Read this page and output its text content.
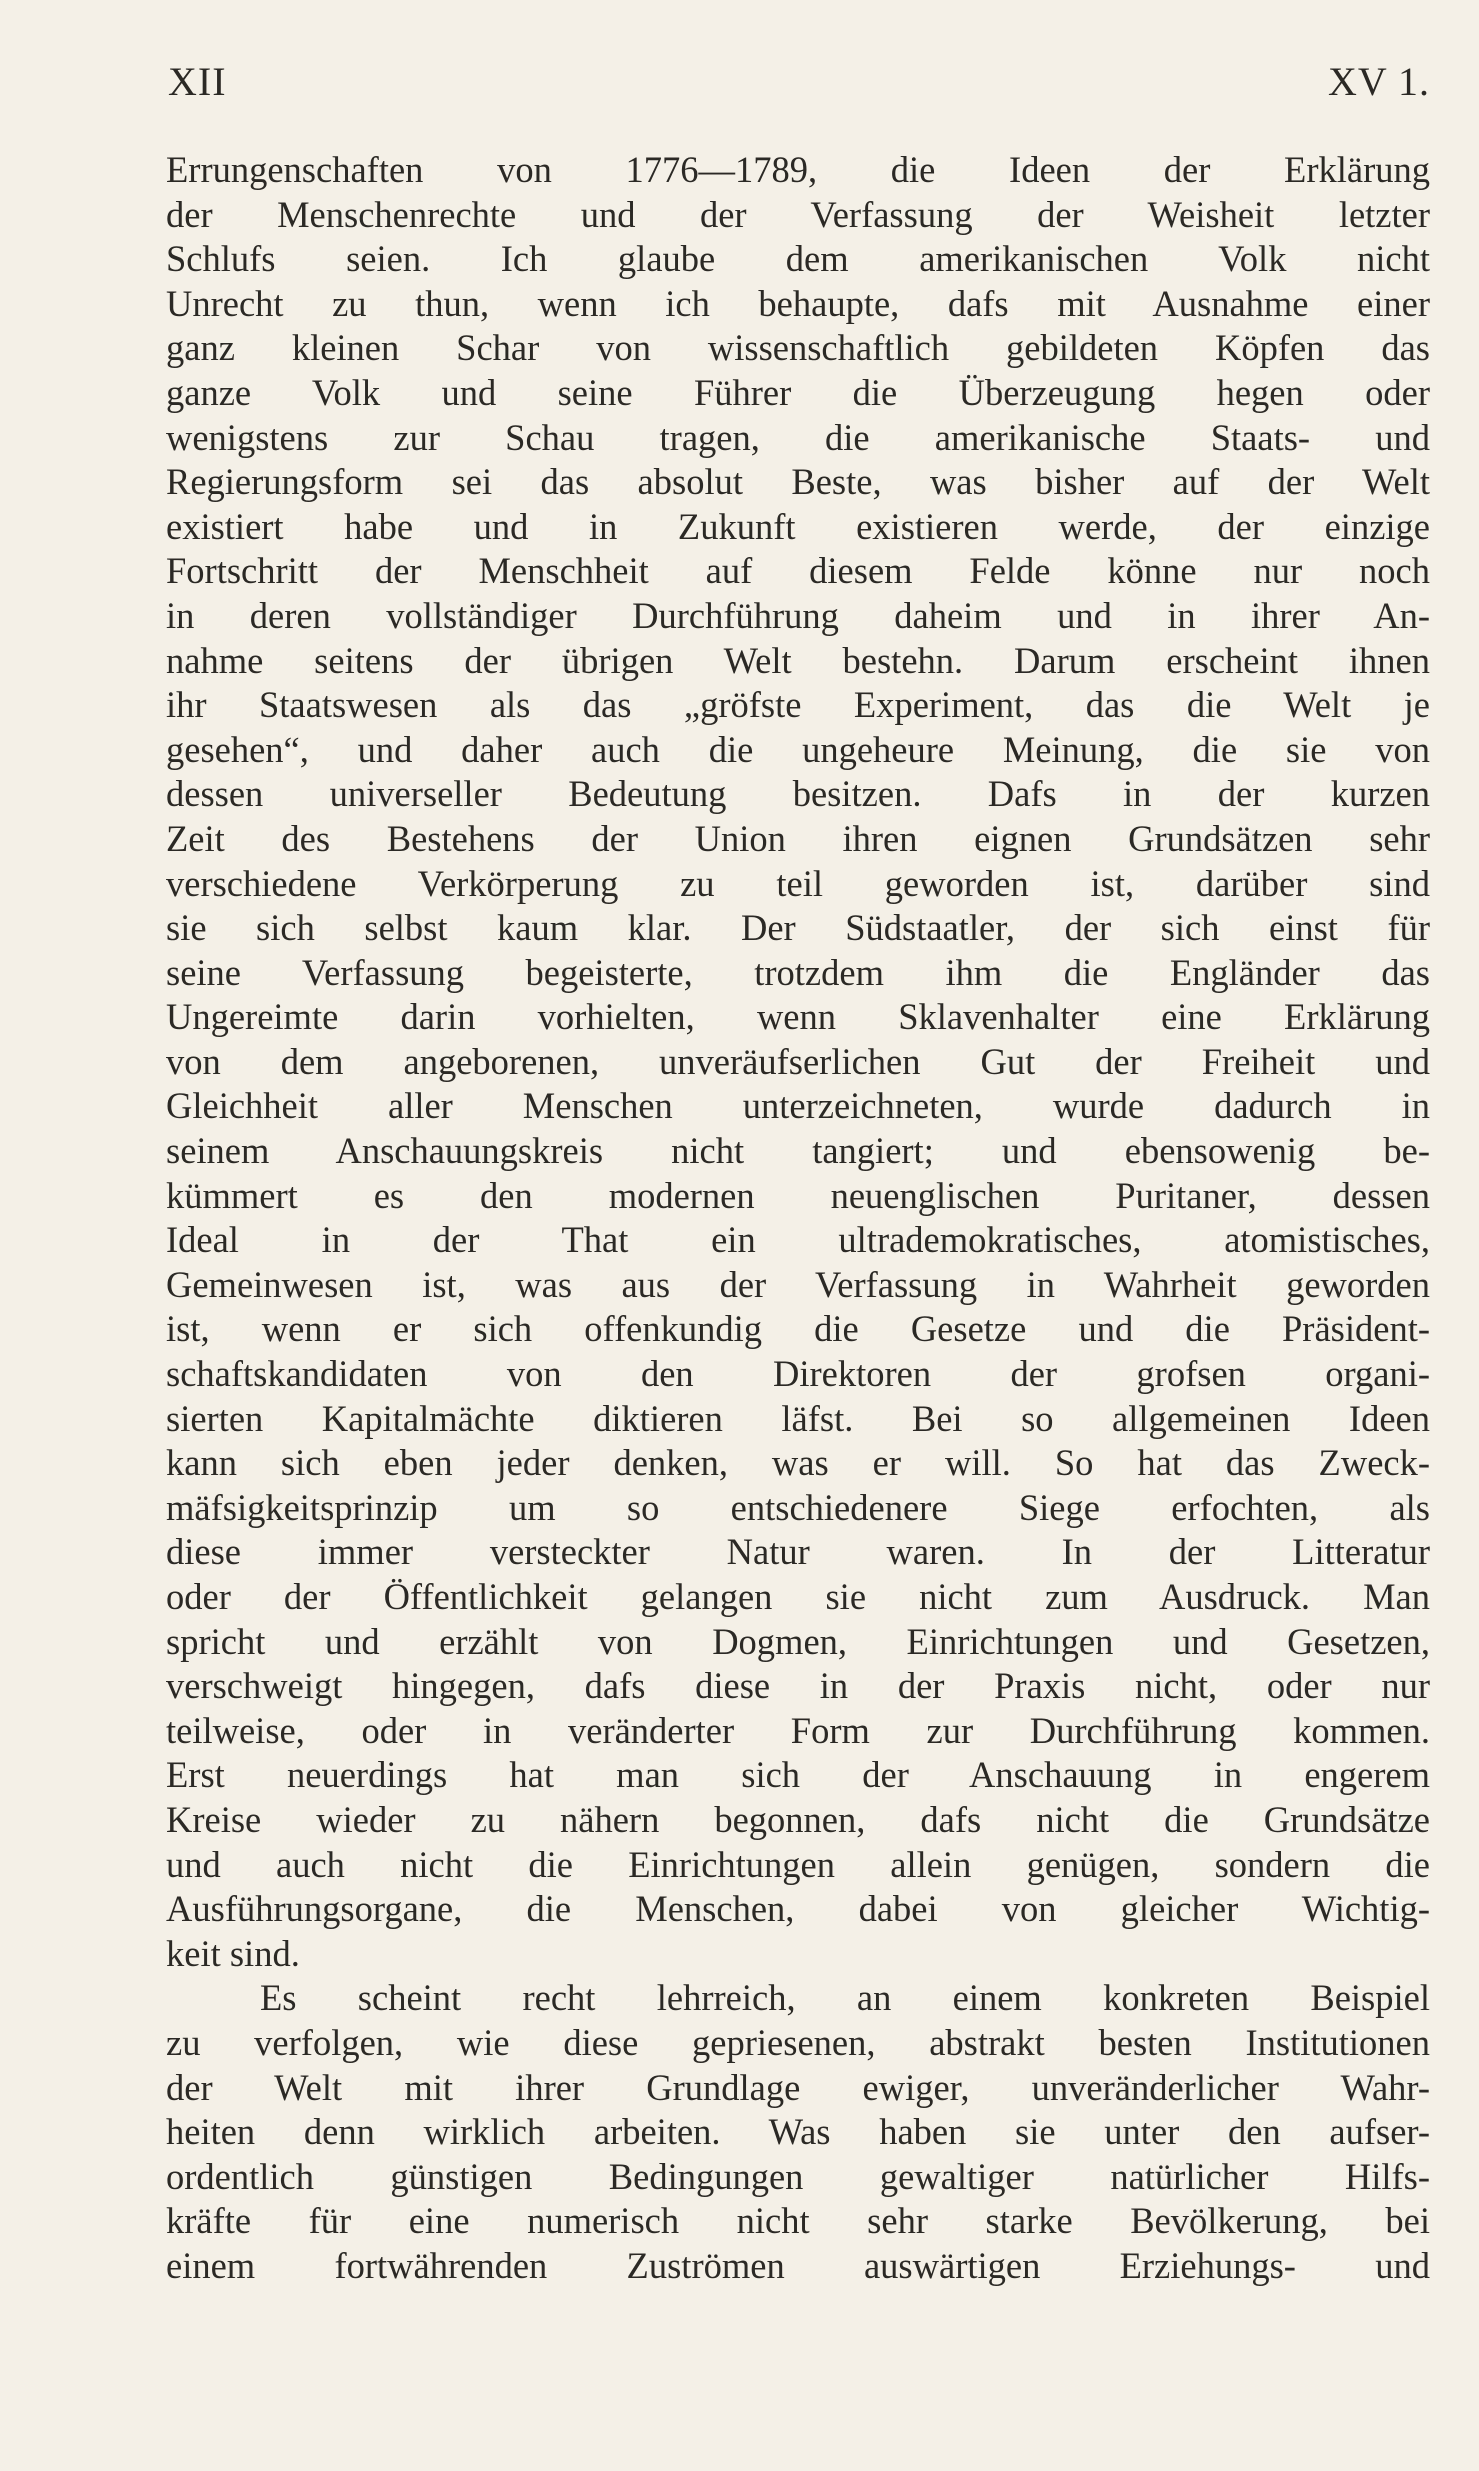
XII	XV 1.
Errungenschaften von 1776—1789, die Ideen der Erklärung
der Menschenrechte und der Verfassung der Weisheit letzter
Schlufs seien. Ich glaube dem amerikanischen Volk nicht
Unrecht zu thun, wenn ich behaupte, dafs mit Ausnahme einer
ganz kleinen Schar von wissenschaftlich gebildeten Köpfen das
ganze Volk und seine Führer die Überzeugung hegen oder
wenigstens zur Schau tragen, die amerikanische Staats- und
Regierungsform sei das absolut Beste, was bisher auf der Welt
existiert habe und in Zukunft existieren werde, der einzige
Fortschritt der Menschheit auf diesem Felde könne nur noch
in deren vollständiger Durchführung daheim und in ihrer An-
nahme seitens der übrigen Welt bestehn. Darum erscheint ihnen
ihr Staatswesen als das „gröfste Experiment, das die Welt je
gesehen“, und daher auch die ungeheure Meinung, die sie von
dessen universeller Bedeutung besitzen. Dafs in der kurzen
Zeit des Bestehens der Union ihren eignen Grundsätzen sehr
verschiedene Verkörperung zu teil geworden ist, darüber sind
sie sich selbst kaum klar. Der Südstaatler, der sich einst für
seine Verfassung begeisterte, trotzdem ihm die Engländer das
Ungereimte darin vorhielten, wenn Sklavenhalter eine Erklärung
von dem angeborenen, unveräufserlichen Gut der Freiheit und
Gleichheit aller Menschen unterzeichneten, wurde dadurch in
seinem Anschauungskreis nicht tangiert; und ebensowenig be-
kümmert es den modernen neuenglischen Puritaner, dessen
Ideal in der That ein ultrademokratisches, atomistisches,
Gemeinwesen ist, was aus der Verfassung in Wahrheit geworden
ist, wenn er sich offenkundig die Gesetze und die Präsident-
schaftskandidaten von den Direktoren der grofsen organi-
sierten Kapitalmächte diktieren läfst. Bei so allgemeinen Ideen
kann sich eben jeder denken, was er will. So hat das Zweck-
mäfsigkeitsprinzip um so entschiedenere Siege erfochten, als
diese immer versteckter Natur waren. In der Litteratur
oder der Öffentlichkeit gelangen sie nicht zum Ausdruck. Man
spricht und erzählt von Dogmen, Einrichtungen und Gesetzen,
verschweigt hingegen, dafs diese in der Praxis nicht, oder nur
teilweise, oder in veränderter Form zur Durchführung kommen.
Erst neuerdings hat man sich der Anschauung in engerem
Kreise wieder zu nähern begonnen, dafs nicht die Grundsätze
und auch nicht die Einrichtungen allein genügen, sondern die
Ausführungsorgane, die Menschen, dabei von gleicher Wichtig-
keit sind.
Es scheint recht lehrreich, an einem konkreten Beispiel
zu verfolgen, wie diese gepriesenen, abstrakt besten Institutionen
der Welt mit ihrer Grundlage ewiger, unveränderlicher Wahr-
heiten denn wirklich arbeiten. Was haben sie unter den aufser-
ordentlich günstigen Bedingungen gewaltiger natürlicher Hilfs-
kräfte für eine numerisch nicht sehr starke Bevölkerung, bei
einem fortwährenden Zuströmen auswärtigen Erziehungs- und
